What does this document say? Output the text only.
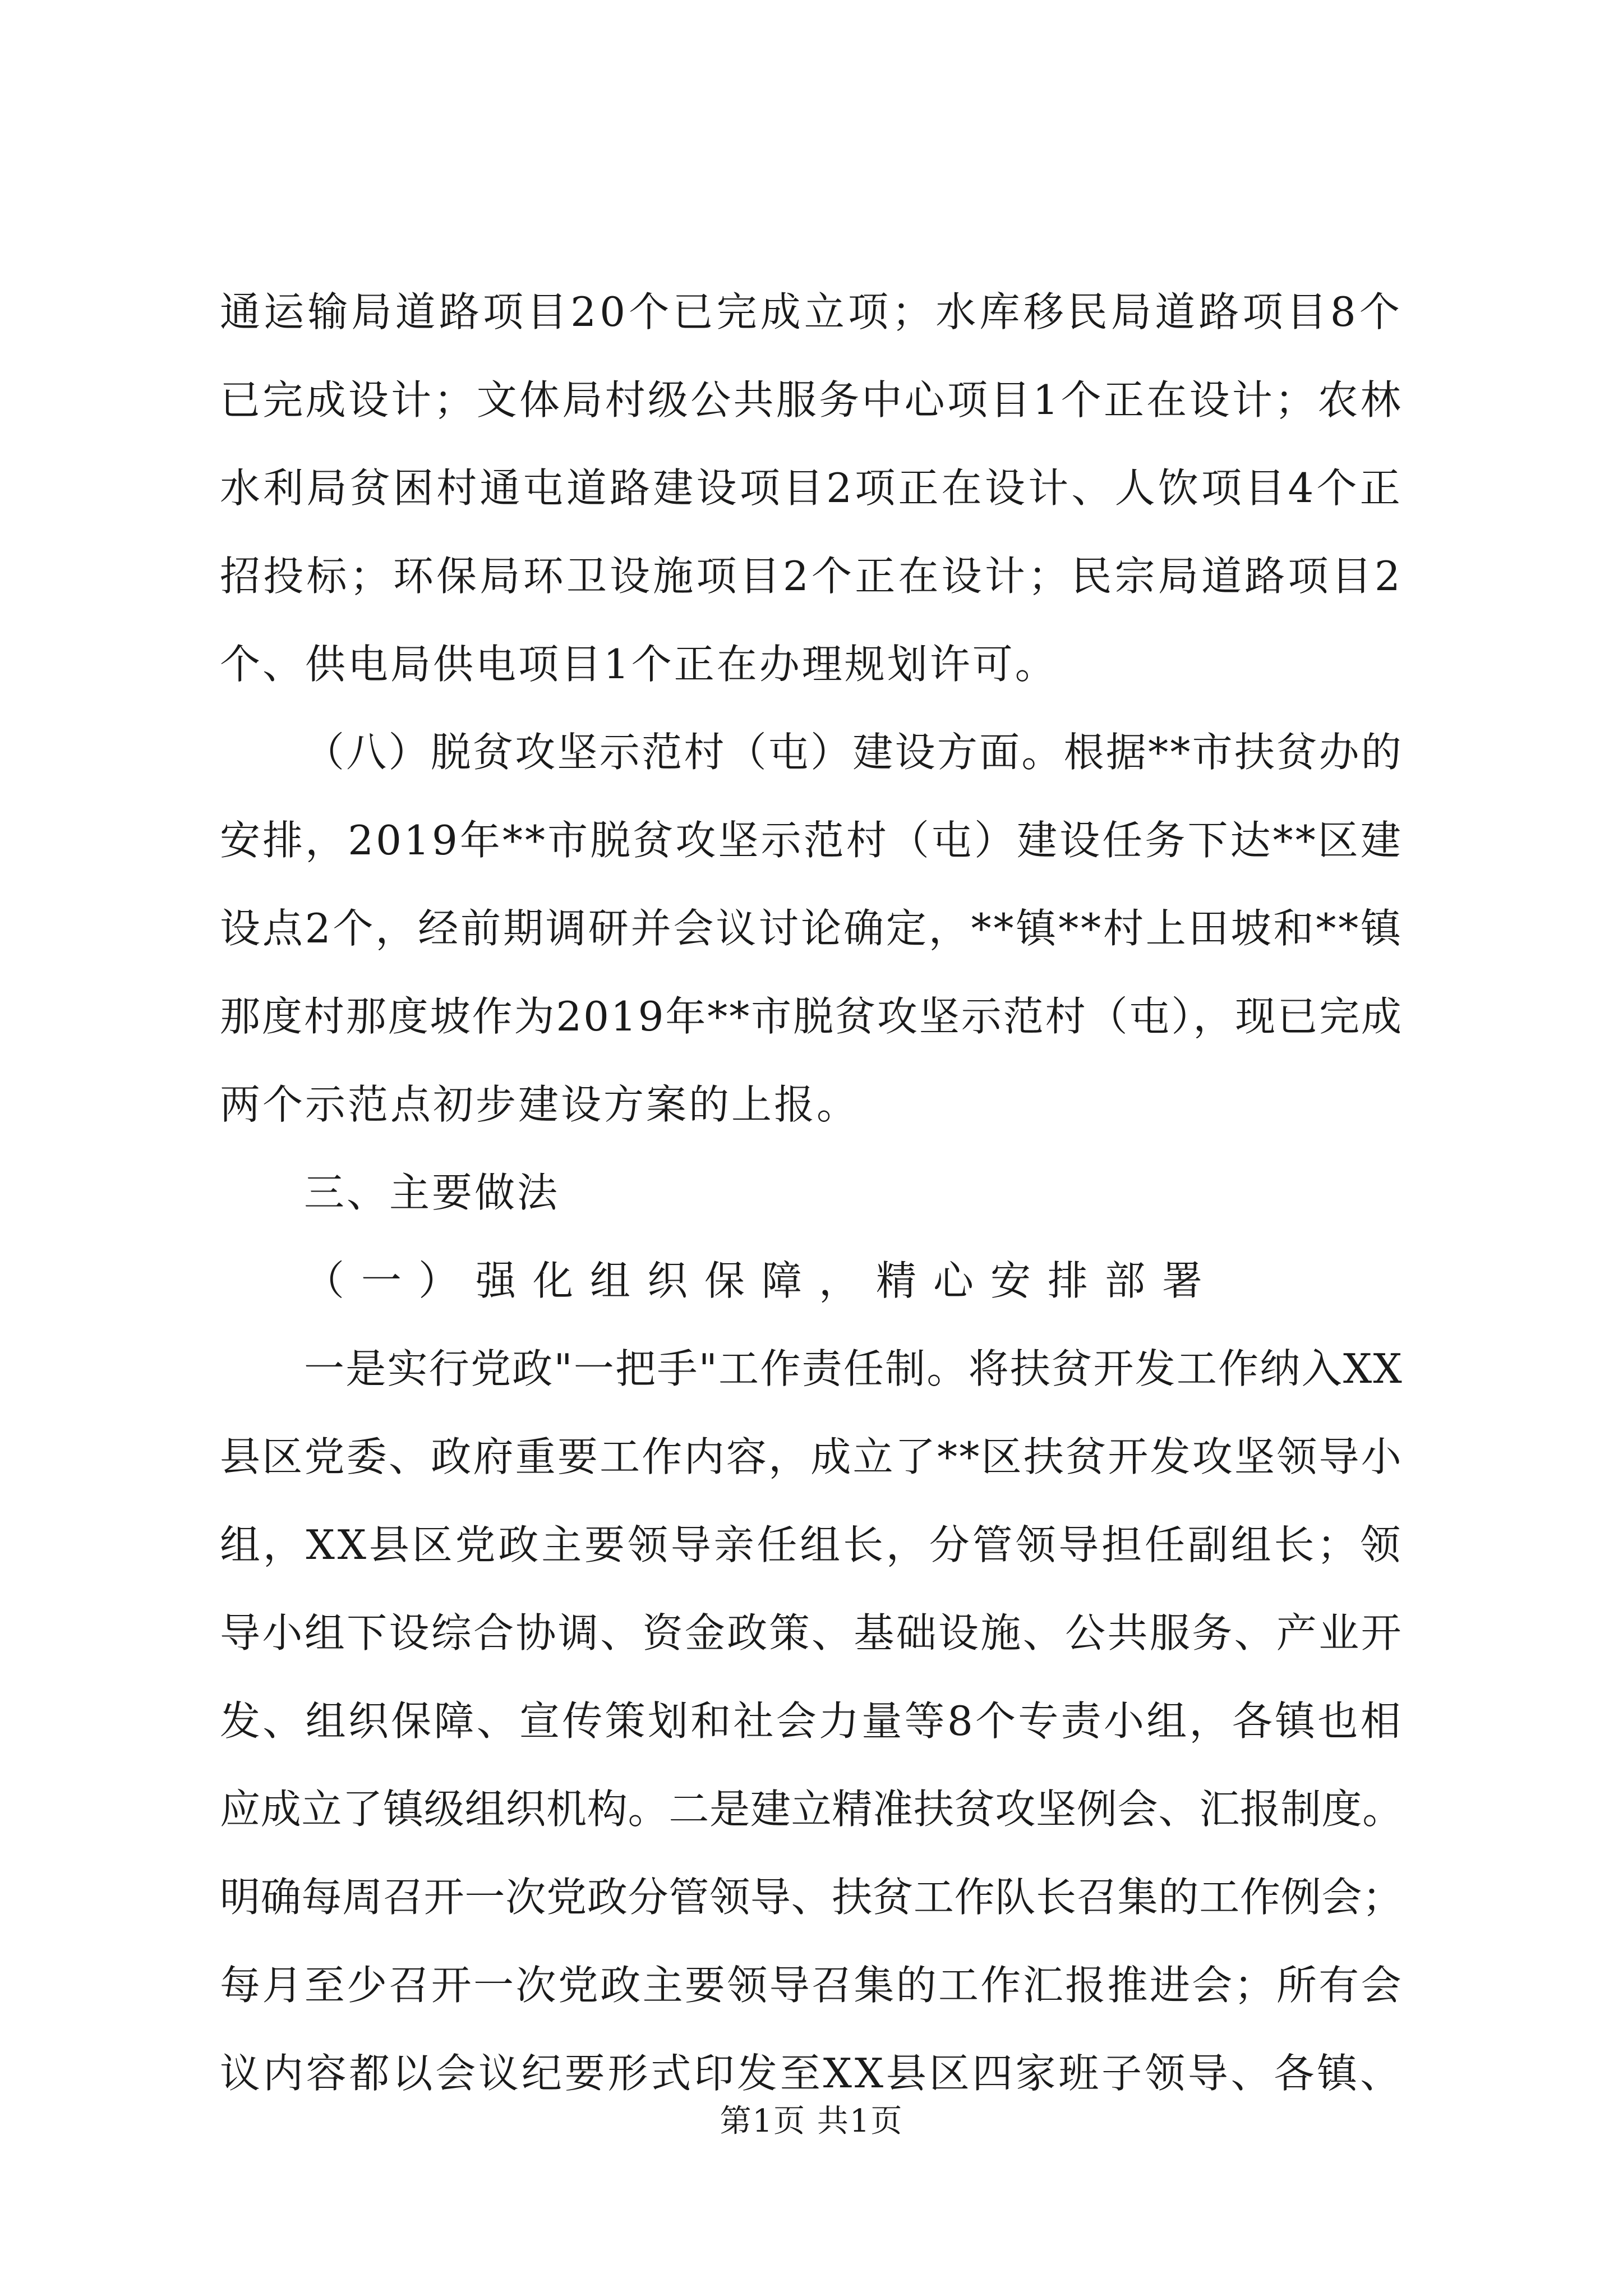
通运输局道路项目20个已完成立项；水库移民局道路项目8个
已完成设计；文体局村级公共服务中心项目1个正在设计；农林
水利局贫困村通屯道路建设项目2项正在设计、人饮项目4个正
招投标；环保局环卫设施项目2个正在设计；民宗局道路项目2
个、供电局供电项目1个正在办理规划许可。
（八）脱贫攻坚示范村（屯）建设方面。根据**市扶贫办的
安排，2019年**市脱贫攻坚示范村（屯）建设任务下达**区建
设点2个，经前期调研并会议讨论确定，**镇**村上田坡和**镇
那度村那度坡作为2019年**市脱贫攻坚示范村（屯），现已完成
两个示范点初步建设方案的上报。
三、主要做法
（一）强化组织保障，精心安排部署
一是实行党政"一把手"工作责任制。将扶贫开发工作纳入XX
县区党委、政府重要工作内容，成立了**区扶贫开发攻坚领导小
组，XX县区党政主要领导亲任组长，分管领导担任副组长；领
导小组下设综合协调、资金政策、基础设施、公共服务、产业开
发、组织保障、宣传策划和社会力量等8个专责小组，各镇也相
应成立了镇级组织机构。二是建立精准扶贫攻坚例会、汇报制度。
明确每周召开一次党政分管领导、扶贫工作队长召集的工作例会；
每月至少召开一次党政主要领导召集的工作汇报推进会；所有会
议内容都以会议纪要形式印发至XX县区四家班子领导、各镇、
第1页 共1页
